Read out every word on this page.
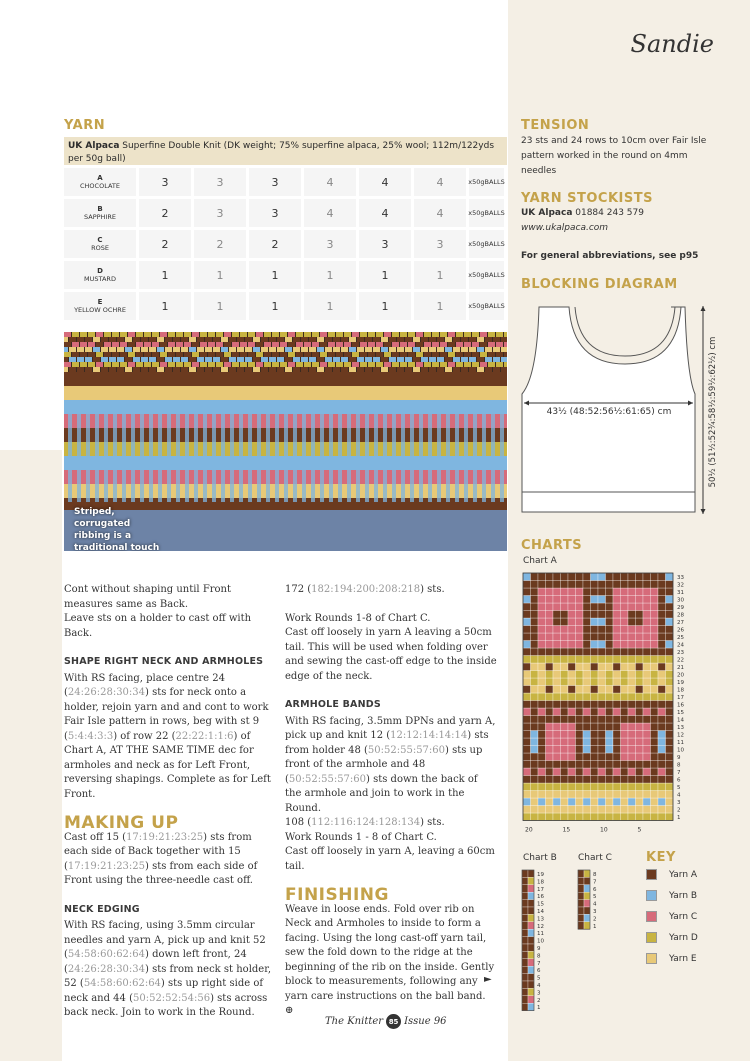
Sandie
YARN
UK Alpaca Superfine Double Knit (DK weight; 75% superfine alpaca, 25% wool; 112m/122yds per 50g ball)
A
CHOCOLATE	3	3	3	4	4	4	x50g BALLS
B
SAPPHIRE	2	3	3	4	4	4	x50g BALLS
C
ROSE	2	2	2	3	3	3	x50g BALLS
D
MUSTARD	1	1	1	1	1	1	x50g BALLS
E
YELLOW OCHRE	1	1	1	1	1	1	x50g BALLS
Striped, corrugated ribbing is a traditional touch

Cont without shaping until Front measures same as Back.

Leave sts on a holder to cast off with Back.

SHAPE RIGHT NECK AND ARMHOLES

With RS facing, place centre 24 (24:26:28:30:34) sts for neck onto a holder, rejoin yarn and and cont to work Fair Isle pattern in rows, beg with st 9 (5:4:4:3:3) of row 22 (22:22:1:1:6) of Chart A, AT THE SAME TIME dec for armholes and neck as for Left Front, reversing shapings. Complete as for Left Front.

MAKING UP

Cast off 15 (17:19:21:23:25) sts from each side of Back together with 15 (17:19:21:23:25) sts from each side of Front using the three-needle cast off.

NECK EDGING

With RS facing, using 3.5mm circular needles and yarn A, pick up and knit 52 (54:58:60:62:64) down left front, 24 (24:26:28:30:34) sts from neck st holder, 52 (54:58:60:62:64) sts up right side of neck and 44 (50:52:52:54:56) sts across back neck. Join to work in the Round.

172 (182:194:200:208:218) sts.

Work Rounds 1-8 of Chart C.

Cast off loosely in yarn A leaving a 50cm tail. This will be used when folding over and sewing the cast-off edge to the inside edge of the neck.

ARMHOLE BANDS

With RS facing, 3.5mm DPNs and yarn A, pick up and knit 12 (12:12:14:14:14) sts from holder 48 (50:52:55:57:60) sts up front of the armhole and 48 (50:52:55:57:60) sts down the back of the armhole and join to work in the Round.

108 (112:116:124:128:134) sts.

Work Rounds 1 - 8 of Chart C.

Cast off loosely in yarn A, leaving a 60cm tail.

FINISHING

Weave in loose ends. Fold over rib on Neck and Armholes to inside to form a facing. Using the long cast-off yarn tail, sew the fold down to the ridge at the beginning of the rib on the inside. Gently block to measurements, following any yarn care instructions on the ball band. ⊕

►
The Knitter 85 Issue 96
TENSION
23 sts and 24 rows to 10cm over Fair Isle pattern worked in the round on 4mm needles
YARN STOCKISTS
UK Alpaca 01884 243 579
www.ukalpaca.com
For general abbreviations, see p95
BLOCKING DIAGRAM
43½ (48:52:56½:61:65) cm	50½ (51½:52¾:58½:59½:62½) cm
CHARTS
Chart A
33
32
31
30
29
28
27
26
25
24
23
22
21
20
19
18
17
16
15
14
13
12
11
10
9
8
7
6
5
4
3
2
1
20	15	10	5
Chart B
19
18
17
16
15
14
13
12
11
10
9
8
7
6
5
4
3
2
1
Chart C
8
7
6
5
4
3
2
1
KEY
Yarn A
Yarn B
Yarn C
Yarn D
Yarn E
